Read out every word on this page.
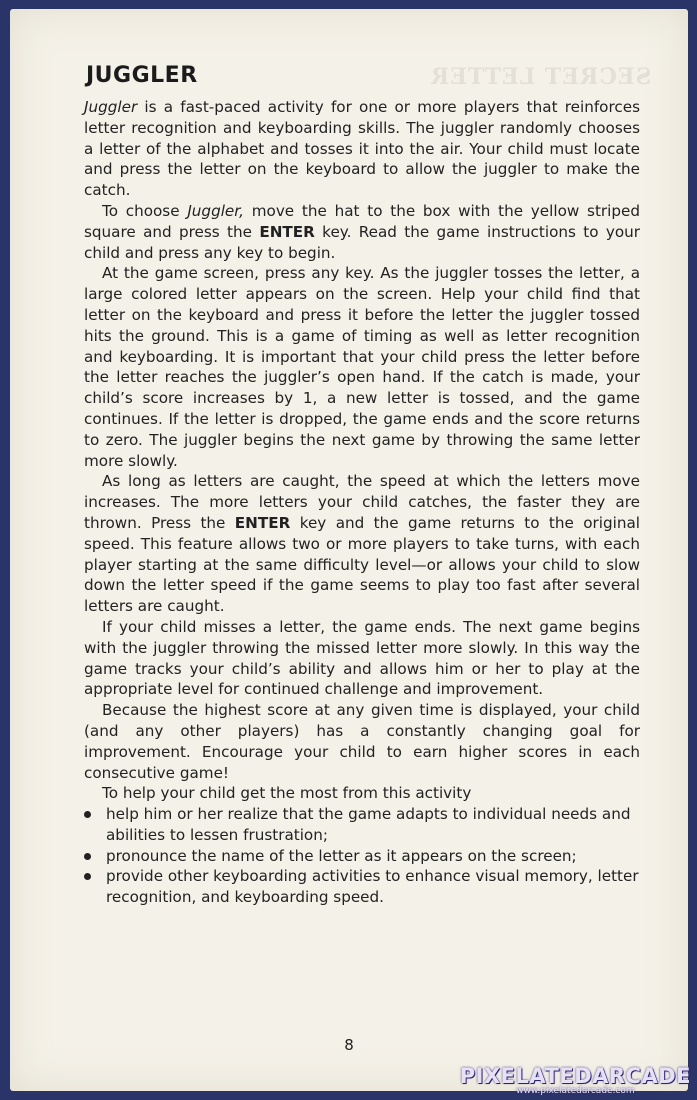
SECRET LETTER
JUGGLER

Juggler is a fast-paced activity for one or more players that reinforces letter recognition and keyboarding skills. The juggler randomly chooses a letter of the alphabet and tosses it into the air. Your child must locate and press the letter on the keyboard to allow the juggler to make the catch.

To choose Juggler, move the hat to the box with the yellow striped square and press the ENTER key. Read the game instructions to your child and press any key to begin.

At the game screen, press any key. As the juggler tosses the letter, a large colored letter appears on the screen. Help your child find that letter on the keyboard and press it before the letter the juggler tossed hits the ground. This is a game of timing as well as letter recognition and keyboarding. It is important that your child press the letter before the letter reaches the juggler’s open hand. If the catch is made, your child’s score increases by 1, a new letter is tossed, and the game continues. If the letter is dropped, the game ends and the score returns to zero. The juggler begins the next game by throwing the same letter more slowly.

As long as letters are caught, the speed at which the letters move increases. The more letters your child catches, the faster they are thrown. Press the ENTER key and the game returns to the original speed. This feature allows two or more players to take turns, with each player starting at the same difficulty level—or allows your child to slow down the letter speed if the game seems to play too fast after several letters are caught.

If your child misses a letter, the game ends. The next game begins with the juggler throwing the missed letter more slowly. In this way the game tracks your child’s ability and allows him or her to play at the appropriate level for continued challenge and improvement.

Because the highest score at any given time is displayed, your child (and any other players) has a constantly changing goal for improvement. Encourage your child to earn higher scores in each consecutive game!

To help your child get the most from this activity

help him or her realize that the game adapts to individual needs and abilities to lessen frustration;
pronounce the name of the letter as it appears on the screen;
provide other keyboarding activities to enhance visual memory, letter recognition, and keyboarding speed.
8
PIXELATEDARCADE
www.pixelatedarcade.com
